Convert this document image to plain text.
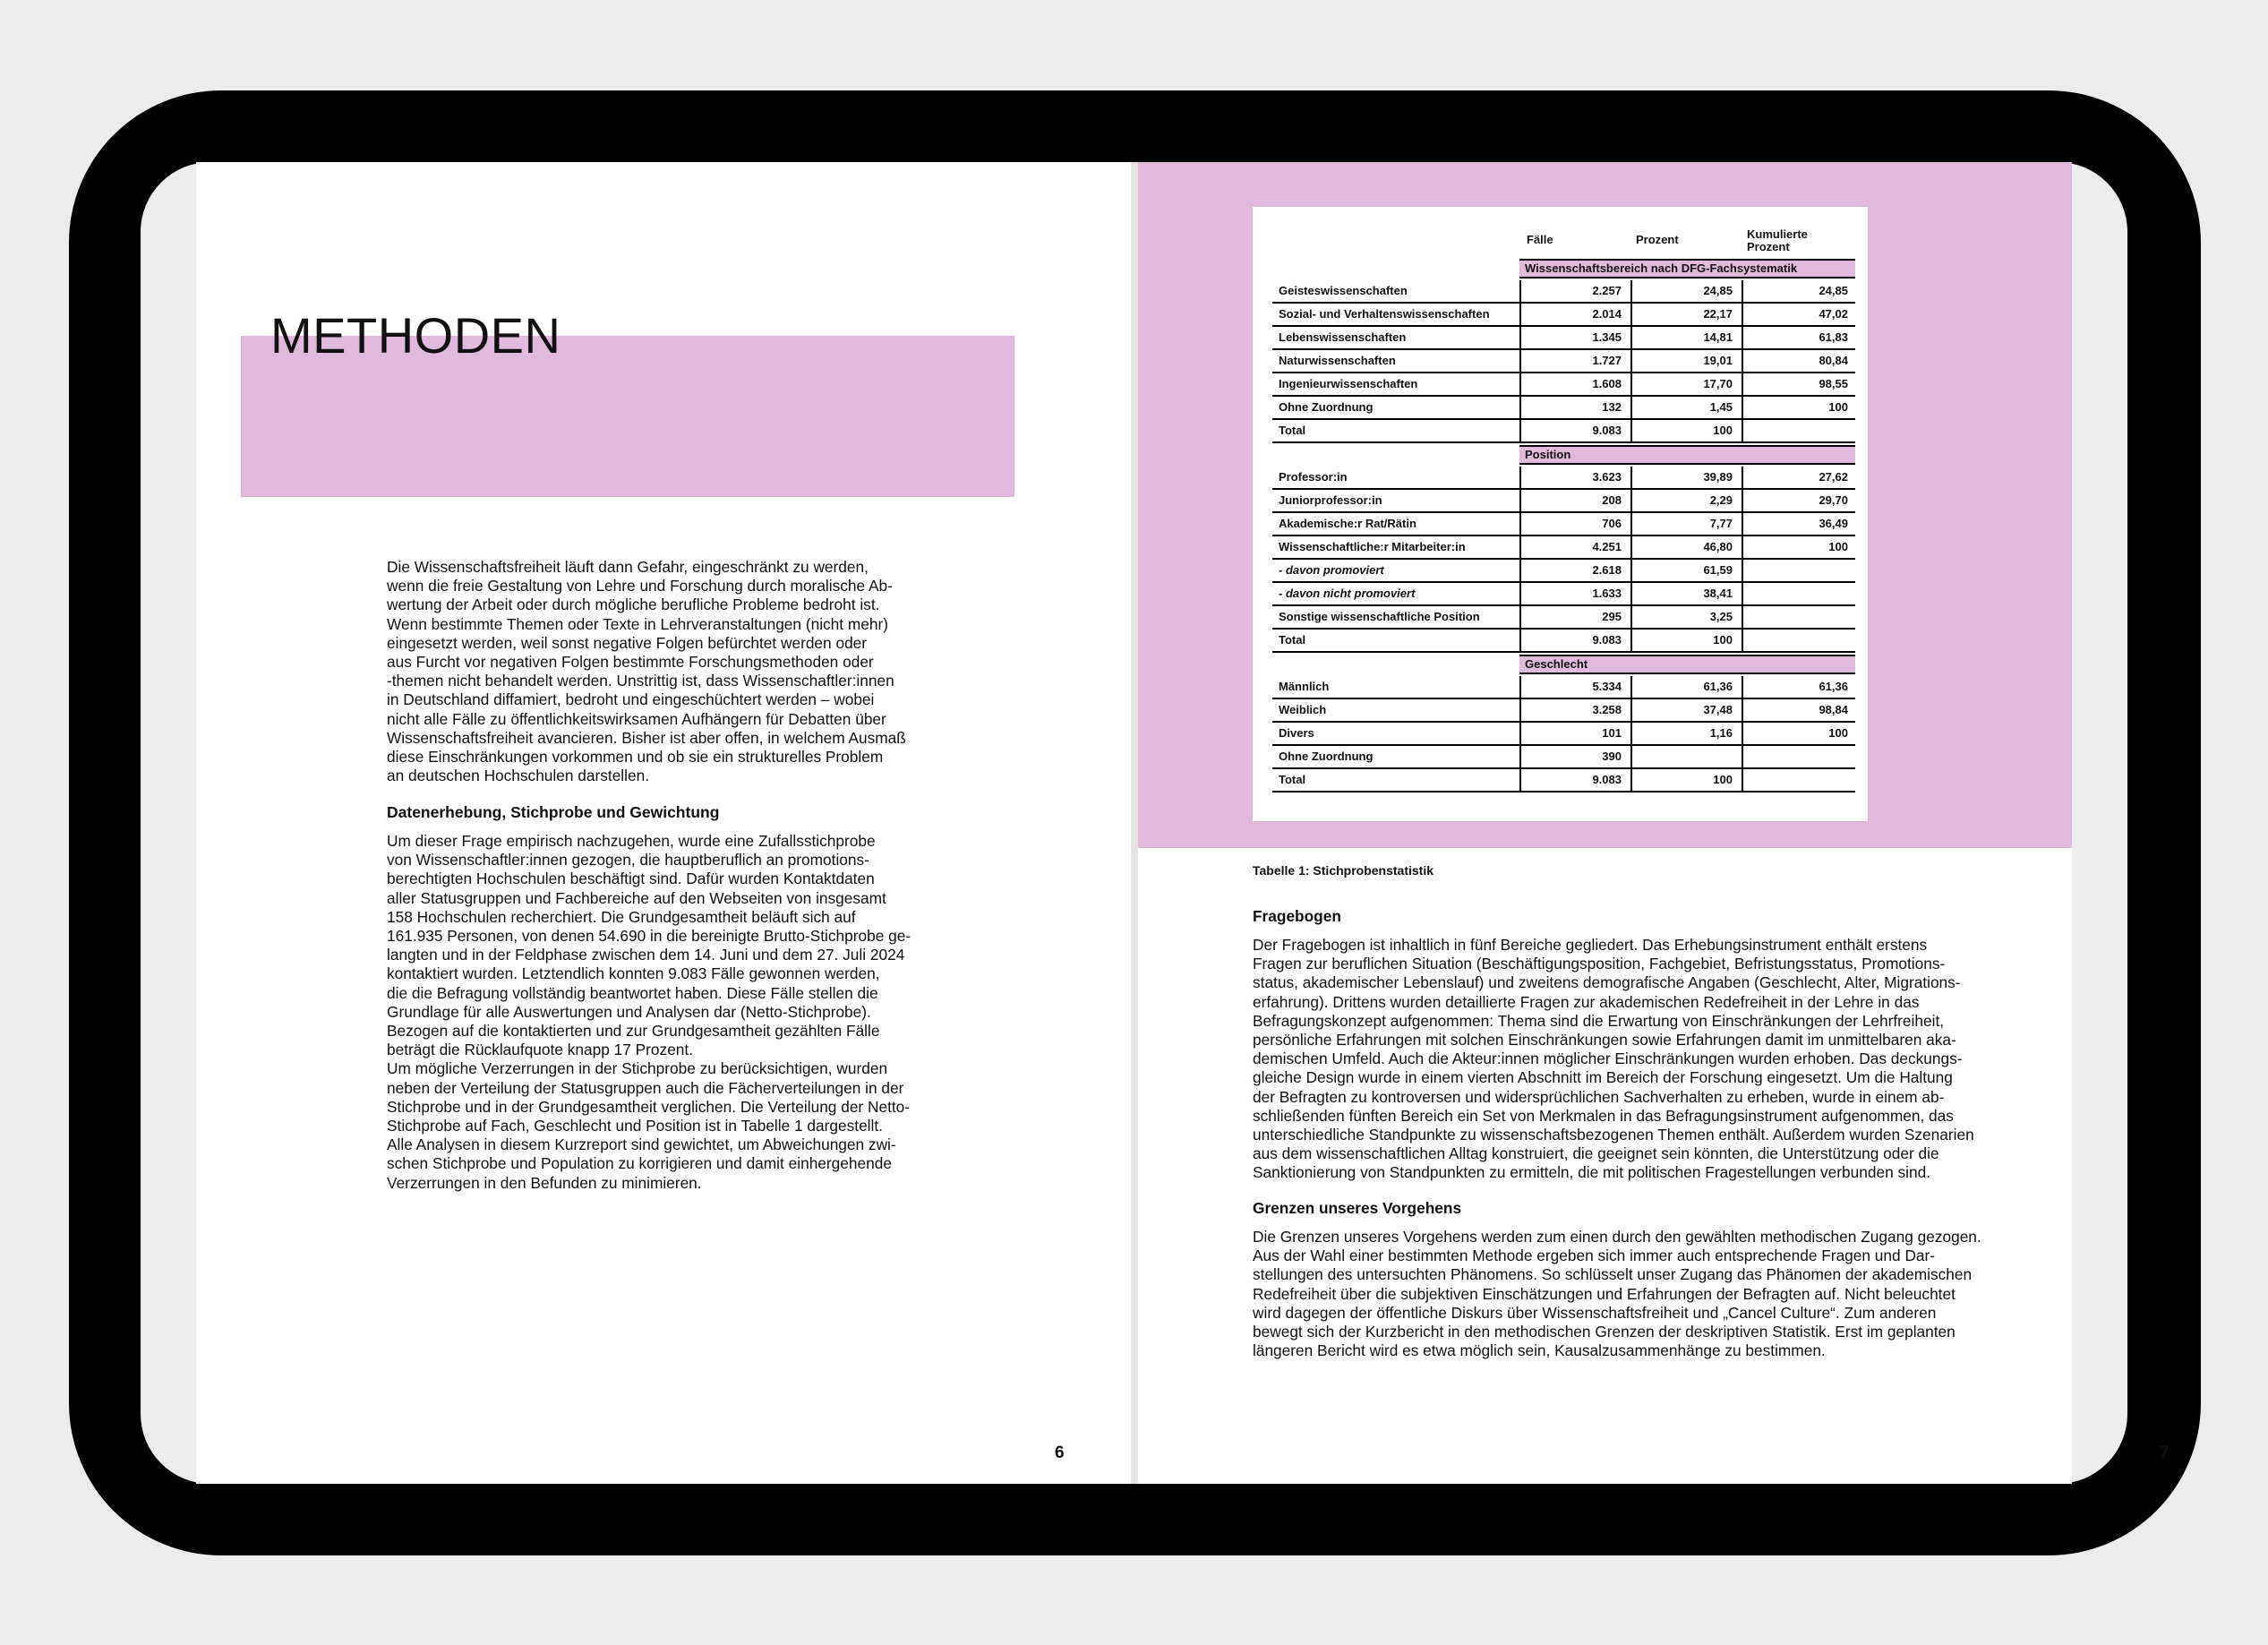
METHODEN

Die Wissenschaftsfreiheit läuft dann Gefahr, eingeschränkt zu werden,

wenn die freie Gestaltung von Lehre und Forschung durch moralische Ab-

wertung der Arbeit oder durch mögliche berufliche Probleme bedroht ist.

Wenn bestimmte Themen oder Texte in Lehrveranstaltungen (nicht mehr)

eingesetzt werden, weil sonst negative Folgen befürchtet werden oder

aus Furcht vor negativen Folgen bestimmte Forschungsmethoden oder

-themen nicht behandelt werden. Unstrittig ist, dass Wissenschaftler:innen

in Deutschland diffamiert, bedroht und eingeschüchtert werden – wobei

nicht alle Fälle zu öffentlichkeitswirksamen Aufhängern für Debatten über

Wissenschaftsfreiheit avancieren. Bisher ist aber offen, in welchem Ausmaß

diese Einschränkungen vorkommen und ob sie ein strukturelles Problem

an deutschen Hochschulen darstellen.

Datenerhebung, Stichprobe und Gewichtung

Um dieser Frage empirisch nachzugehen, wurde eine Zufallsstichprobe

von Wissenschaftler:innen gezogen, die hauptberuflich an promotions-

berechtigten Hochschulen beschäftigt sind. Dafür wurden Kontaktdaten

aller Statusgruppen und Fachbereiche auf den Webseiten von insgesamt

158 Hochschulen recherchiert. Die Grundgesamtheit beläuft sich auf

161.935 Personen, von denen 54.690 in die bereinigte Brutto-Stichprobe ge-

langten und in der Feldphase zwischen dem 14. Juni und dem 27. Juli 2024

kontaktiert wurden. Letztendlich konnten 9.083 Fälle gewonnen werden,

die die Befragung vollständig beantwortet haben. Diese Fälle stellen die

Grundlage für alle Auswertungen und Analysen dar (Netto-Stichprobe).

Bezogen auf die kontaktierten und zur Grundgesamtheit gezählten Fälle

beträgt die Rücklaufquote knapp 17 Prozent.

Um mögliche Verzerrungen in der Stichprobe zu berücksichtigen, wurden

neben der Verteilung der Statusgruppen auch die Fächerverteilungen in der

Stichprobe und in der Grundgesamtheit verglichen. Die Verteilung der Netto-

Stichprobe auf Fach, Geschlecht und Position ist in Tabelle 1 dargestellt.

Alle Analysen in diesem Kurzreport sind gewichtet, um Abweichungen zwi-

schen Stichprobe und Population zu korrigieren und damit einhergehende

Verzerrungen in den Befunden zu minimieren.

6
Fälle	Prozent	Kumulierte
Prozent
Wissenschaftsbereich nach DFG-Fachsystematik
Geisteswissenschaften	2.257	24,85	24,85
Sozial- und Verhaltenswissenschaften	2.014	22,17	47,02
Lebenswissenschaften	1.345	14,81	61,83
Naturwissenschaften	1.727	19,01	80,84
Ingenieurwissenschaften	1.608	17,70	98,55
Ohne Zuordnung	132	1,45	100
Total	9.083	100
Position
Professor:in	3.623	39,89	27,62
Juniorprofessor:in	208	2,29	29,70
Akademische:r Rat/Rätin	706	7,77	36,49
Wissenschaftliche:r Mitarbeiter:in	4.251	46,80	100
- davon promoviert	2.618	61,59
- davon nicht promoviert	1.633	38,41
Sonstige wissenschaftliche Position	295	3,25
Total	9.083	100
Geschlecht
Männlich	5.334	61,36	61,36
Weiblich	3.258	37,48	98,84
Divers	101	1,16	100
Ohne Zuordnung	390
Total	9.083	100
Tabelle 1: Stichprobenstatistik
Fragebogen

Der Fragebogen ist inhaltlich in fünf Bereiche gegliedert. Das Erhebungsinstrument enthält erstens

Fragen zur beruflichen Situation (Beschäftigungsposition, Fachgebiet, Befristungsstatus, Promotions-

status, akademischer Lebenslauf) und zweitens demografische Angaben (Geschlecht, Alter, Migrations-

erfahrung). Drittens wurden detaillierte Fragen zur akademischen Redefreiheit in der Lehre in das

Befragungskonzept aufgenommen: Thema sind die Erwartung von Einschränkungen der Lehrfreiheit,

persönliche Erfahrungen mit solchen Einschränkungen sowie Erfahrungen damit im unmittelbaren aka-

demischen Umfeld. Auch die Akteur:innen möglicher Einschränkungen wurden erhoben. Das deckungs-

gleiche Design wurde in einem vierten Abschnitt im Bereich der Forschung eingesetzt. Um die Haltung

der Befragten zu kontroversen und widersprüchlichen Sachverhalten zu erheben, wurde in einem ab-

schließenden fünften Bereich ein Set von Merkmalen in das Befragungsinstrument aufgenommen, das

unterschiedliche Standpunkte zu wissenschaftsbezogenen Themen enthält. Außerdem wurden Szenarien

aus dem wissenschaftlichen Alltag konstruiert, die geeignet sein könnten, die Unterstützung oder die

Sanktionierung von Standpunkten zu ermitteln, die mit politischen Fragestellungen verbunden sind.

Grenzen unseres Vorgehens

Die Grenzen unseres Vorgehens werden zum einen durch den gewählten methodischen Zugang gezogen.

Aus der Wahl einer bestimmten Methode ergeben sich immer auch entsprechende Fragen und Dar-

stellungen des untersuchten Phänomens. So schlüsselt unser Zugang das Phänomen der akademischen

Redefreiheit über die subjektiven Einschätzungen und Erfahrungen der Befragten auf. Nicht beleuchtet

wird dagegen der öffentliche Diskurs über Wissenschaftsfreiheit und „Cancel Culture“. Zum anderen

bewegt sich der Kurzbericht in den methodischen Grenzen der deskriptiven Statistik. Erst im geplanten

längeren Bericht wird es etwa möglich sein, Kausalzusammenhänge zu bestimmen.

7
